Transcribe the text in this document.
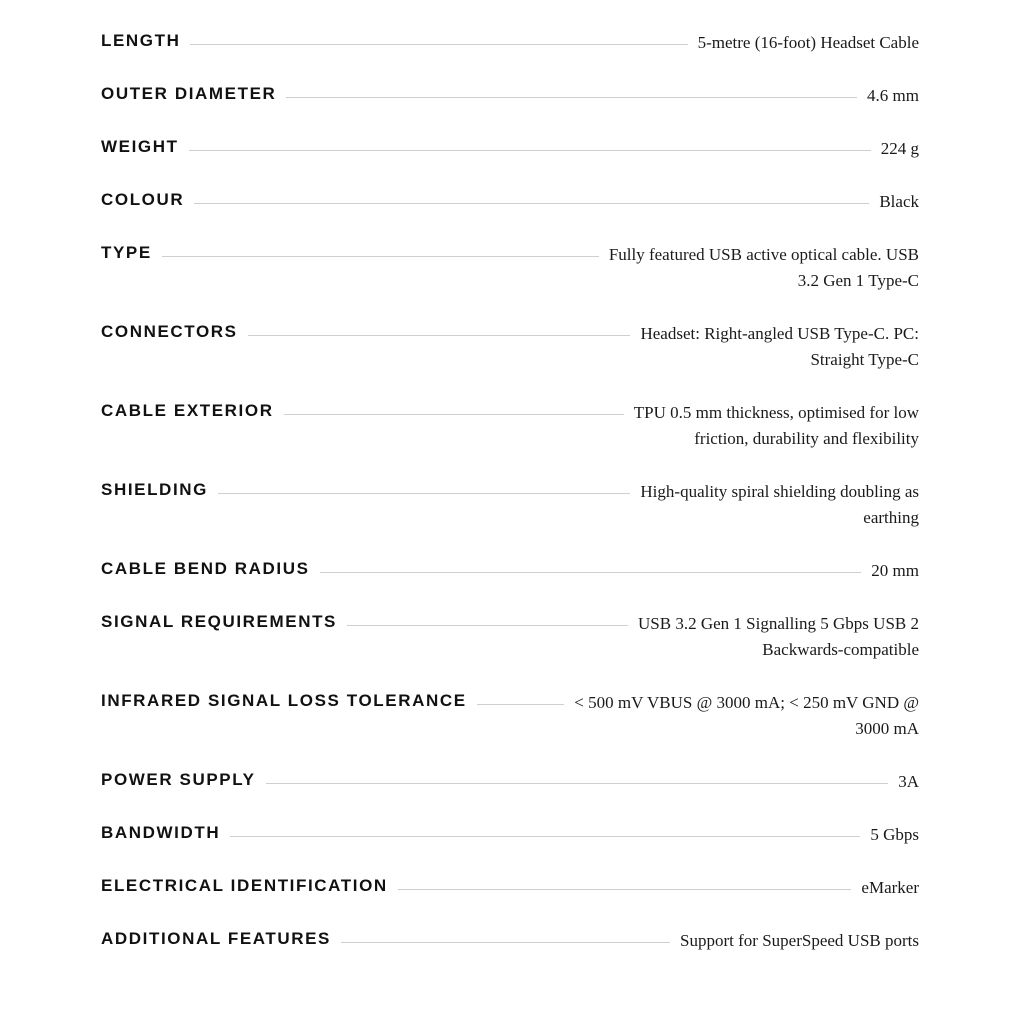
LENGTH	5-metre (16-foot) Headset Cable
OUTER DIAMETER	4.6 mm
WEIGHT	224 g
COLOUR	Black
TYPE	Fully featured USB active optical cable. USB
3.2 Gen 1 Type-C
CONNECTORS	Headset: Right-angled USB Type-C. PC:
Straight Type-C
CABLE EXTERIOR	TPU 0.5 mm thickness, optimised for low
friction, durability and flexibility
SHIELDING	High-quality spiral shielding doubling as
earthing
CABLE BEND RADIUS	20 mm
SIGNAL REQUIREMENTS	USB 3.2 Gen 1 Signalling 5 Gbps USB 2
Backwards-compatible
INFRARED SIGNAL LOSS TOLERANCE	< 500 mV VBUS @ 3000 mA; < 250 mV GND @
3000 mA
POWER SUPPLY	3A
BANDWIDTH	5 Gbps
ELECTRICAL IDENTIFICATION	eMarker
ADDITIONAL FEATURES	Support for SuperSpeed USB ports
